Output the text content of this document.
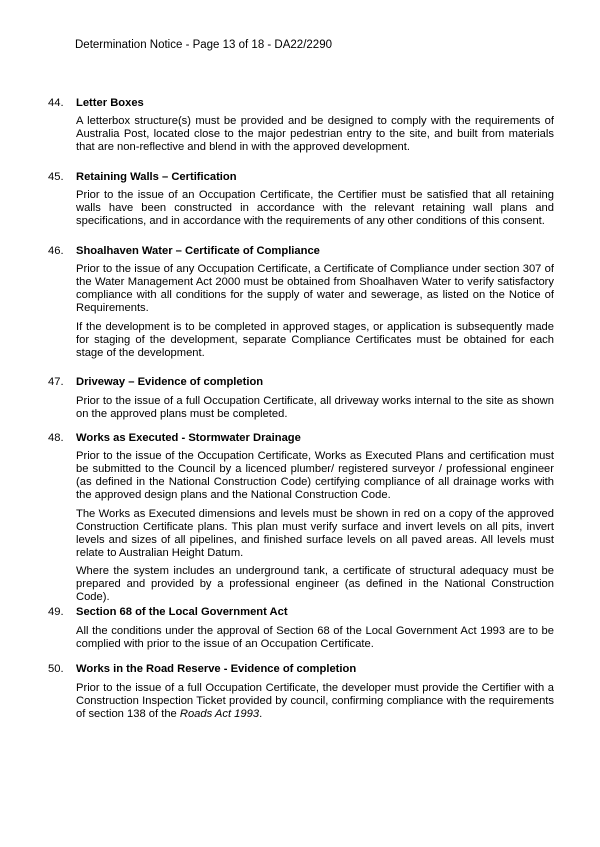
Determination Notice - Page 13 of 18 - DA22/2290
44. Letter Boxes
A letterbox structure(s) must be provided and be designed to comply with the requirements of Australia Post, located close to the major pedestrian entry to the site, and built from materials that are non-reflective and blend in with the approved development.
45. Retaining Walls – Certification
Prior to the issue of an Occupation Certificate, the Certifier must be satisfied that all retaining walls have been constructed in accordance with the relevant retaining wall plans and specifications, and in accordance with the requirements of any other conditions of this consent.
46. Shoalhaven Water – Certificate of Compliance
Prior to the issue of any Occupation Certificate, a Certificate of Compliance under section 307 of the Water Management Act 2000 must be obtained from Shoalhaven Water to verify satisfactory compliance with all conditions for the supply of water and sewerage, as listed on the Notice of Requirements.
If the development is to be completed in approved stages, or application is subsequently made for staging of the development, separate Compliance Certificates must be obtained for each stage of the development.
47. Driveway – Evidence of completion
Prior to the issue of a full Occupation Certificate, all driveway works internal to the site as shown on the approved plans must be completed.
48. Works as Executed - Stormwater Drainage
Prior to the issue of the Occupation Certificate, Works as Executed Plans and certification must be submitted to the Council by a licenced plumber/ registered surveyor / professional engineer (as defined in the National Construction Code) certifying compliance of all drainage works with the approved design plans and the National Construction Code.
The Works as Executed dimensions and levels must be shown in red on a copy of the approved Construction Certificate plans. This plan must verify surface and invert levels on all pits, invert levels and sizes of all pipelines, and finished surface levels on all paved areas. All levels must relate to Australian Height Datum.
Where the system includes an underground tank, a certificate of structural adequacy must be prepared and provided by a professional engineer (as defined in the National Construction Code).
49. Section 68 of the Local Government Act
All the conditions under the approval of Section 68 of the Local Government Act 1993 are to be complied with prior to the issue of an Occupation Certificate.
50. Works in the Road Reserve - Evidence of completion
Prior to the issue of a full Occupation Certificate, the developer must provide the Certifier with a Construction Inspection Ticket provided by council, confirming compliance with the requirements of section 138 of the Roads Act 1993.
